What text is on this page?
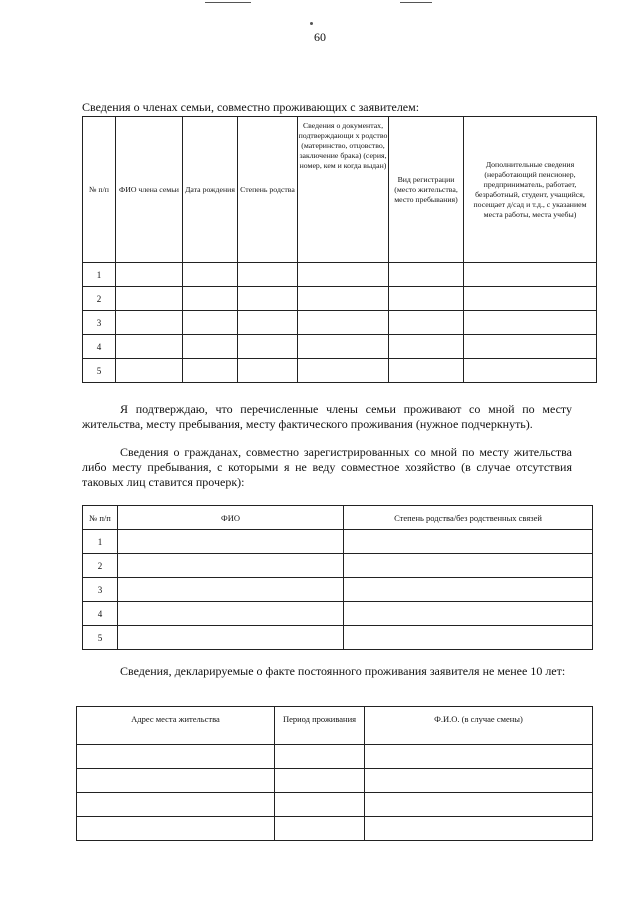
60
Сведения о членах семьи, совместно проживающих с заявителем:
№ п/п	ФИО члена семьи	Дата рождения	Степень родства	Сведения о документах, подтверждающи х родство (материнство, отцовство, заключение брака) (серия, номер, кем и когда выдан)	Вид регистрации (место жительства, место пребывания)	Дополнительные сведения (неработающий пенсионер, предприниматель, работает, безработный, студент, учащийся, посещает д/сад и т.д., с указанием места работы, места учебы)
1						
2						
3						
4						
5						
Я подтверждаю, что перечисленные члены семьи проживают со мной по месту жительства, месту пребывания, месту фактического проживания (нужное подчеркнуть).
Сведения о гражданах, совместно зарегистрированных со мной по месту жительства либо месту пребывания, с которыми я не веду совместное хозяйство (в случае отсутствия таковых лиц ставится прочерк):
№ п/п	ФИО	Степень родства/без родственных связей
1		
2		
3		
4		
5		
Сведения, декларируемые о факте постоянного проживания заявителя не менее 10 лет:
Адрес места жительства	Период проживания	Ф.И.О. (в случае смены)
